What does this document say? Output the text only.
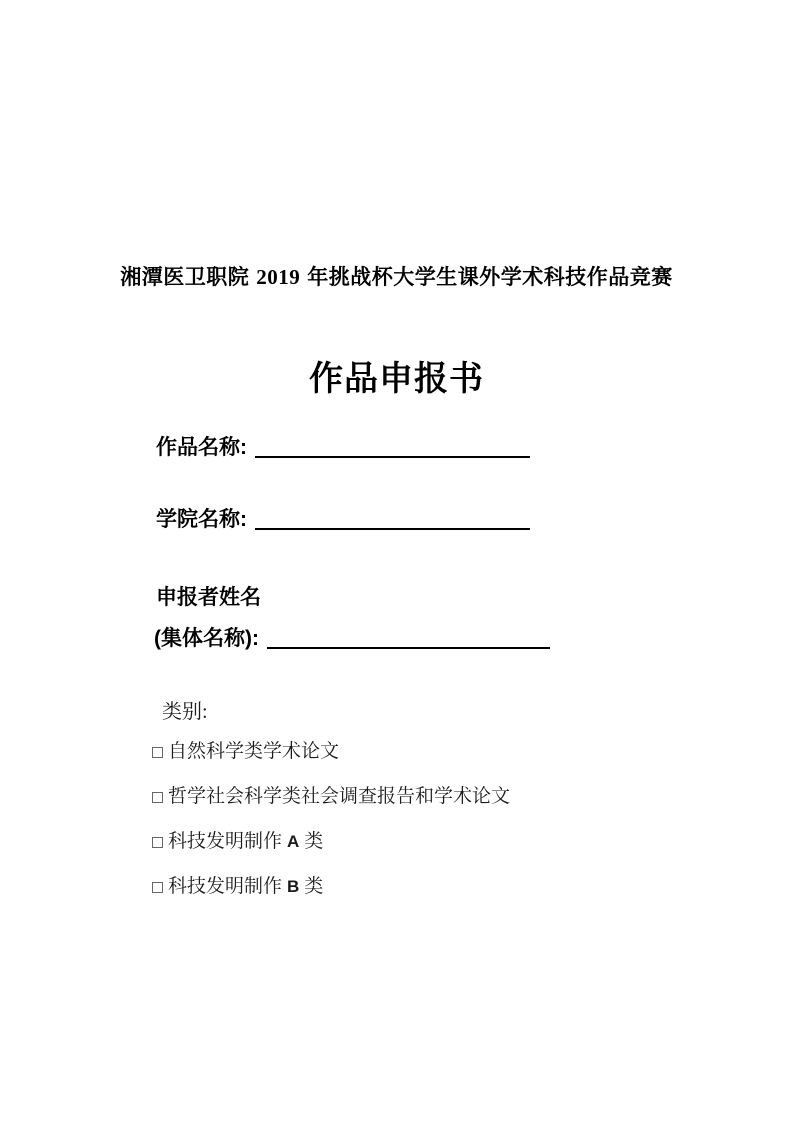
湘潭医卫职院 2019 年挑战杯大学生课外学术科技作品竞赛
作品申报书
作品名称:
学院名称:
申报者姓名
(集体名称):
类别:
自然科学类学术论文
哲学社会科学类社会调查报告和学术论文
科技发明制作 A 类
科技发明制作 B 类
